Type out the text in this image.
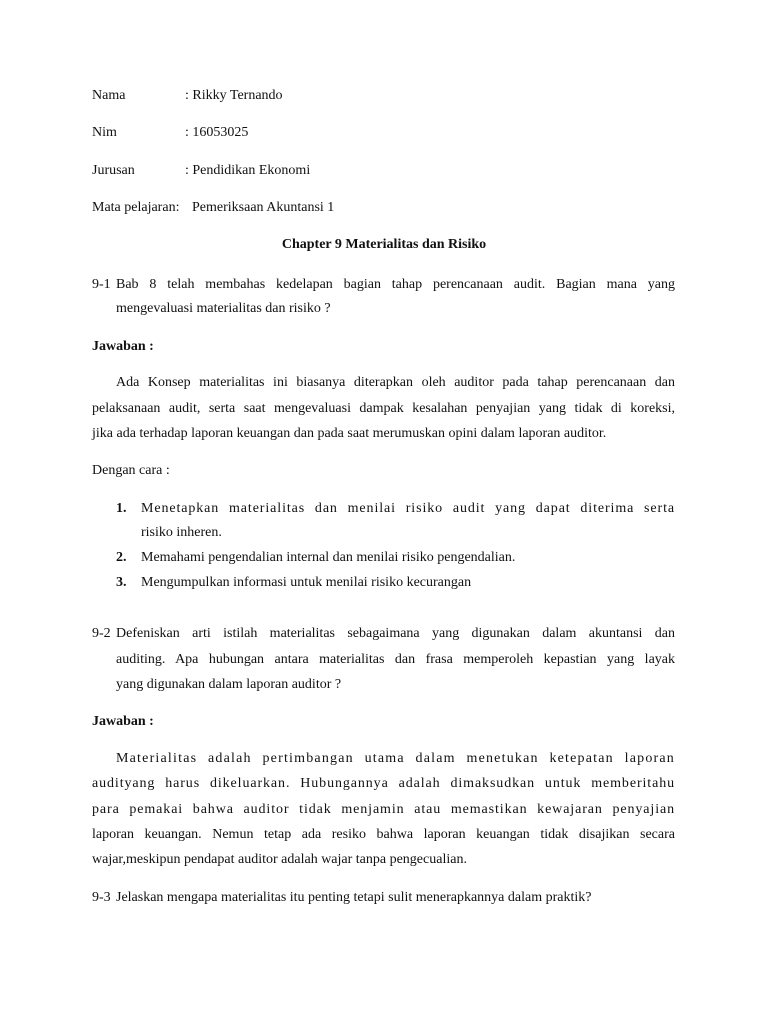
Nama	: Rikky Ternando
Nim	: 16053025
Jurusan	: Pendidikan Ekonomi
Mata pelajaran: Pemeriksaan Akuntansi 1
Chapter 9 Materialitas dan Risiko
9-1 Bab 8 telah membahas kedelapan bagian tahap perencanaan audit. Bagian mana yang
mengevaluasi materialitas dan risiko ?
Jawaban :
Ada Konsep materialitas ini biasanya diterapkan oleh auditor pada tahap perencanaan dan
pelaksanaan audit, serta saat mengevaluasi dampak kesalahan penyajian yang tidak di koreksi,
jika ada terhadap laporan keuangan dan pada saat merumuskan opini dalam laporan auditor.
Dengan cara :
1. Menetapkan materialitas dan menilai risiko audit yang dapat diterima serta
risiko inheren.
2. Memahami pengendalian internal dan menilai risiko pengendalian.
3. Mengumpulkan informasi untuk menilai risiko kecurangan
9-2 Defeniskan arti istilah materialitas sebagaimana yang digunakan dalam akuntansi dan
auditing. Apa hubungan antara materialitas dan frasa memperoleh kepastian yang layak
yang digunakan dalam laporan auditor ?
Jawaban :
Materialitas adalah pertimbangan utama dalam menetukan ketepatan laporan
audityang harus dikeluarkan. Hubungannya adalah dimaksudkan untuk memberitahu
para pemakai bahwa auditor tidak menjamin atau memastikan kewajaran penyajian
laporan keuangan. Nemun tetap ada resiko bahwa laporan keuangan tidak disajikan secara
wajar,meskipun pendapat auditor adalah wajar tanpa pengecualian.
9-3 Jelaskan mengapa materialitas itu penting tetapi sulit menerapkannya dalam praktik?
